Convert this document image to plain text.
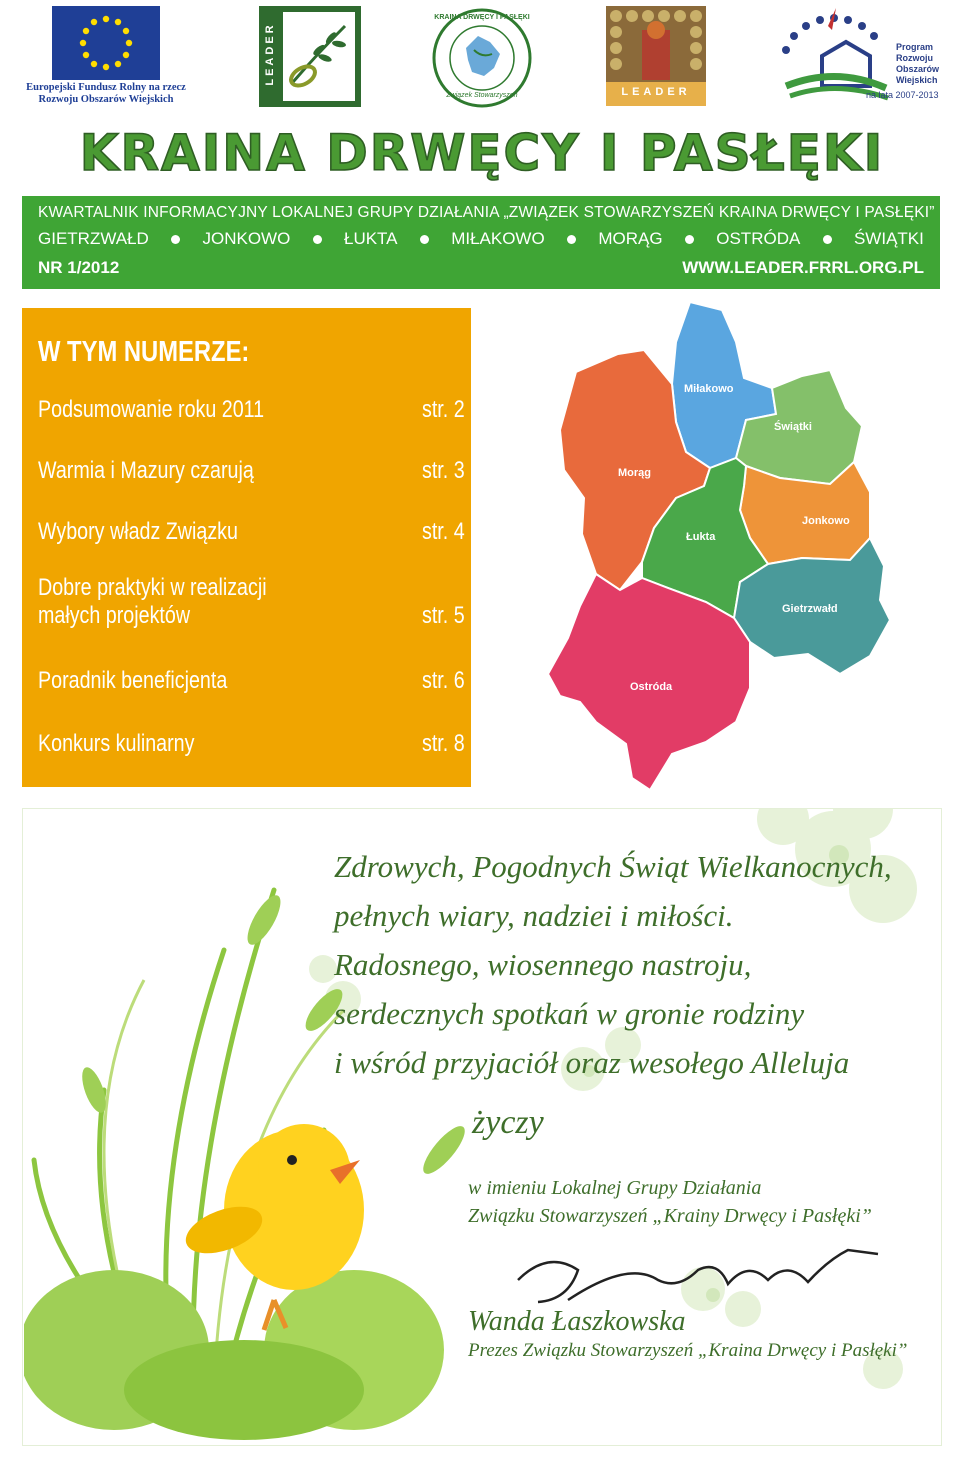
Europejski Fundusz Rolny na rzecz
Rozwoju Obszarów Wiejskich
LEADER
KRAINA DRWĘCY I PASŁĘKI
Związek Stowarzyszeń	LEADER
Program
Rozwoju
Obszarów
Wiejskich
na lata 2007-2013
KRAINA DRWĘCY I PASŁĘKI
KWARTALNIK INFORMACYJNY LOKALNEJ GRUPY DZIAŁANIA „ZWIĄZEK STOWARZYSZEŃ KRAINA DRWĘCY I PASŁĘKI”
GIETRZWAŁD	JONKOWO	ŁUKTA	MIŁAKOWO	MORĄG	OSTRÓDA	ŚWIĄTKI
NR 1/2012	WWW.LEADER.FRRL.ORG.PL
W TYM NUMERZE:
Podsumowanie roku 2011	str. 2
Warmia i Mazury czarują	str. 3
Wybory władz Związku	str. 4
Dobre praktyki w realizacji małych projektów	str. 5
Poradnik beneficjenta	str. 6
Konkurs kulinarny	str. 8
Miłakowo
Świątki
Morąg
Jonkowo
Łukta
Gietrzwałd
Ostróda
Zdrowych, Pogodnych Świąt Wielkanocnych,
pełnych wiary, nadziei i miłości.
Radosnego, wiosennego nastroju,
serdecznych spotkań w gronie rodziny
i wśród przyjaciół oraz wesołego Alleluja
życzy
w imieniu Lokalnej Grupy Działania
Związku Stowarzyszeń „Krainy Drwęcy i Pasłęki”
Wanda Łaszkowska
Prezes Związku Stowarzyszeń „Kraina Drwęcy i Pasłęki”
